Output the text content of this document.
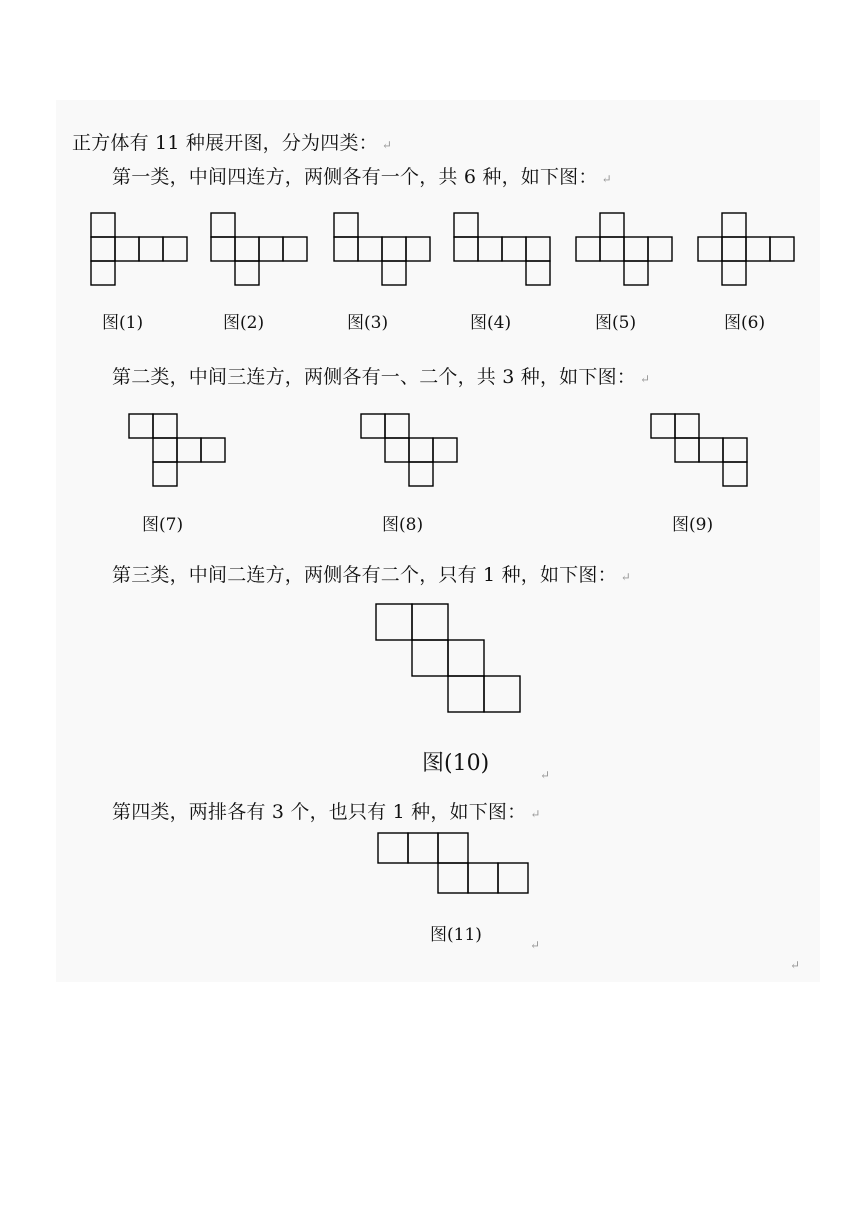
正方体有 11 种展开图，分为四类： ↵
第一类，中间四连方，两侧各有一个，共 6 种，如下图： ↵
第二类，中间三连方，两侧各有一、二个，共 3 种，如下图： ↵
第三类，中间二连方，两侧各有二个，只有 1 种，如下图： ↵
第四类，两排各有 3 个，也只有 1 种，如下图： ↵
图(1)	图(2)	图(3)	图(4)	图(5)	图(6)
图(7)	图(8)	图(9)
图(10)
图(11)
↵
↵
↵
